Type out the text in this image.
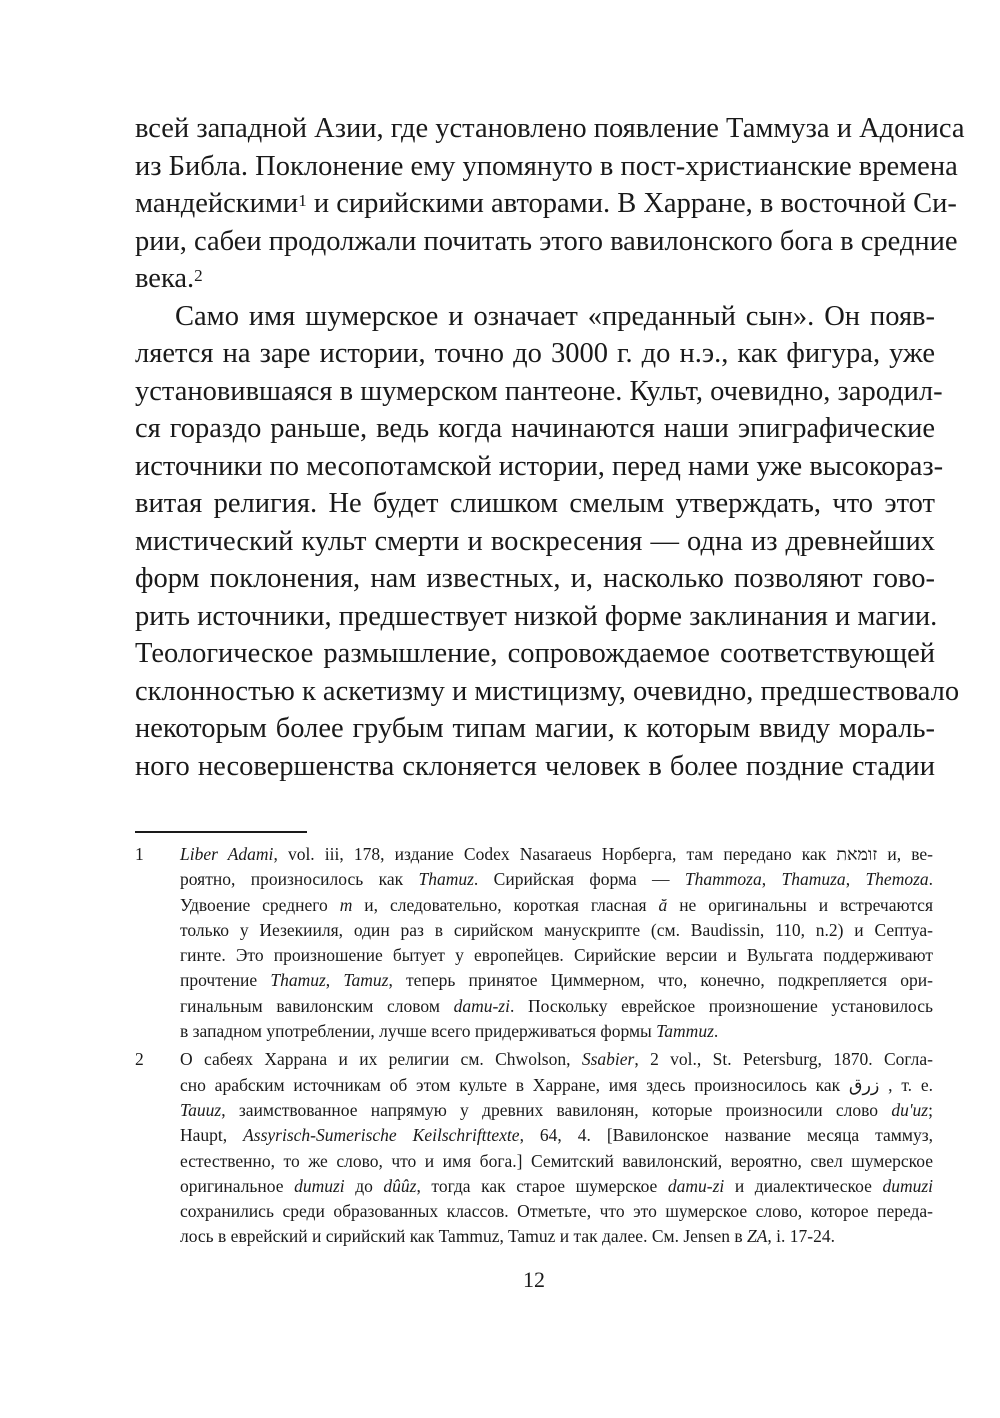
всей западной Азии, где установлено появление Таммуза и Адониса
из Библа. Поклонение ему упомянуто в пост-христианские времена
мандейскими$^1$ и сирийскими авторами. В Харране, в восточной Си-
рии, сабеи продолжали почитать этого вавилонского бога в средние
века.$^2$
Само имя шумерское и означает «преданный сын». Он появ-
ляется на заре истории, точно до 3000 г. до н.э., как фигура, уже
установившаяся в шумерском пантеоне. Культ, очевидно, зародил-
ся гораздо раньше, ведь когда начинаются наши эпиграфические
источники по месопотамской истории, перед нами уже высокораз-
витая религия. Не будет слишком смелым утверждать, что этот
мистический культ смерти и воскресения — одна из древнейших
форм поклонения, нам известных, и, насколько позволяют гово-
рить источники, предшествует низкой форме заклинания и магии.
Теологическое размышление, сопровождаемое соответствующей
склонностью к аскетизму и мистицизму, очевидно, предшествовало
некоторым более грубым типам магии, к которым ввиду мораль-
ного несовершенства склоняется человек в более поздние стадии
1 Liber Adami, vol. iii, 178, издание Codex Nasaraeus Норберга, там передано как זומאת и, ве-
роятно, произносилось как Thamuz. Сирийская форма — Thammoza, Thamuza, Themoza.
Удвоение среднего m и, следовательно, короткая гласная ă не оригинальны и встречаются
только у Иезекииля, один раз в сирийском манускрипте (см. Baudissin, 110, n.2) и Септуа-
гинте. Это произношение бытует у европейцев. Сирийские версии и Вульгата поддерживают
прочтение Thamuz, Tamuz, теперь принятое Циммерном, что, конечно, подкрепляется ори-
гинальным вавилонским словом damu-zi. Поскольку еврейское произношение установилось
в западном употреблении, лучше всего придерживаться формы Tammuz.
2 О сабеях Харрана и их религии см. Chwolson, Ssabier, 2 vol., St. Petersburg, 1870. Согла-
сно арабским источникам об этом культе в Харране, имя здесь произносилось как زرق , т. е.
Tauuz, заимствованное напрямую у древних вавилонян, которые произносили слово du'uz;
Haupt, Assyrisch-Sumerische Keilschrifttexte, 64, 4. [Вавилонское название месяца таммуз,
естественно, то же слово, что и имя бога.] Семитский вавилонский, вероятно, свел шумерское
оригинальное dumuzi до dûûz, тогда как старое шумерское damu-zi и диалектическое dumuzi
сохранились среди образованных классов. Отметьте, что это шумерское слово, которое переда-
лось в еврейский и сирийский как Tammuz, Tamuz и так далее. См. Jensen в ZA, i. 17-24.
12
